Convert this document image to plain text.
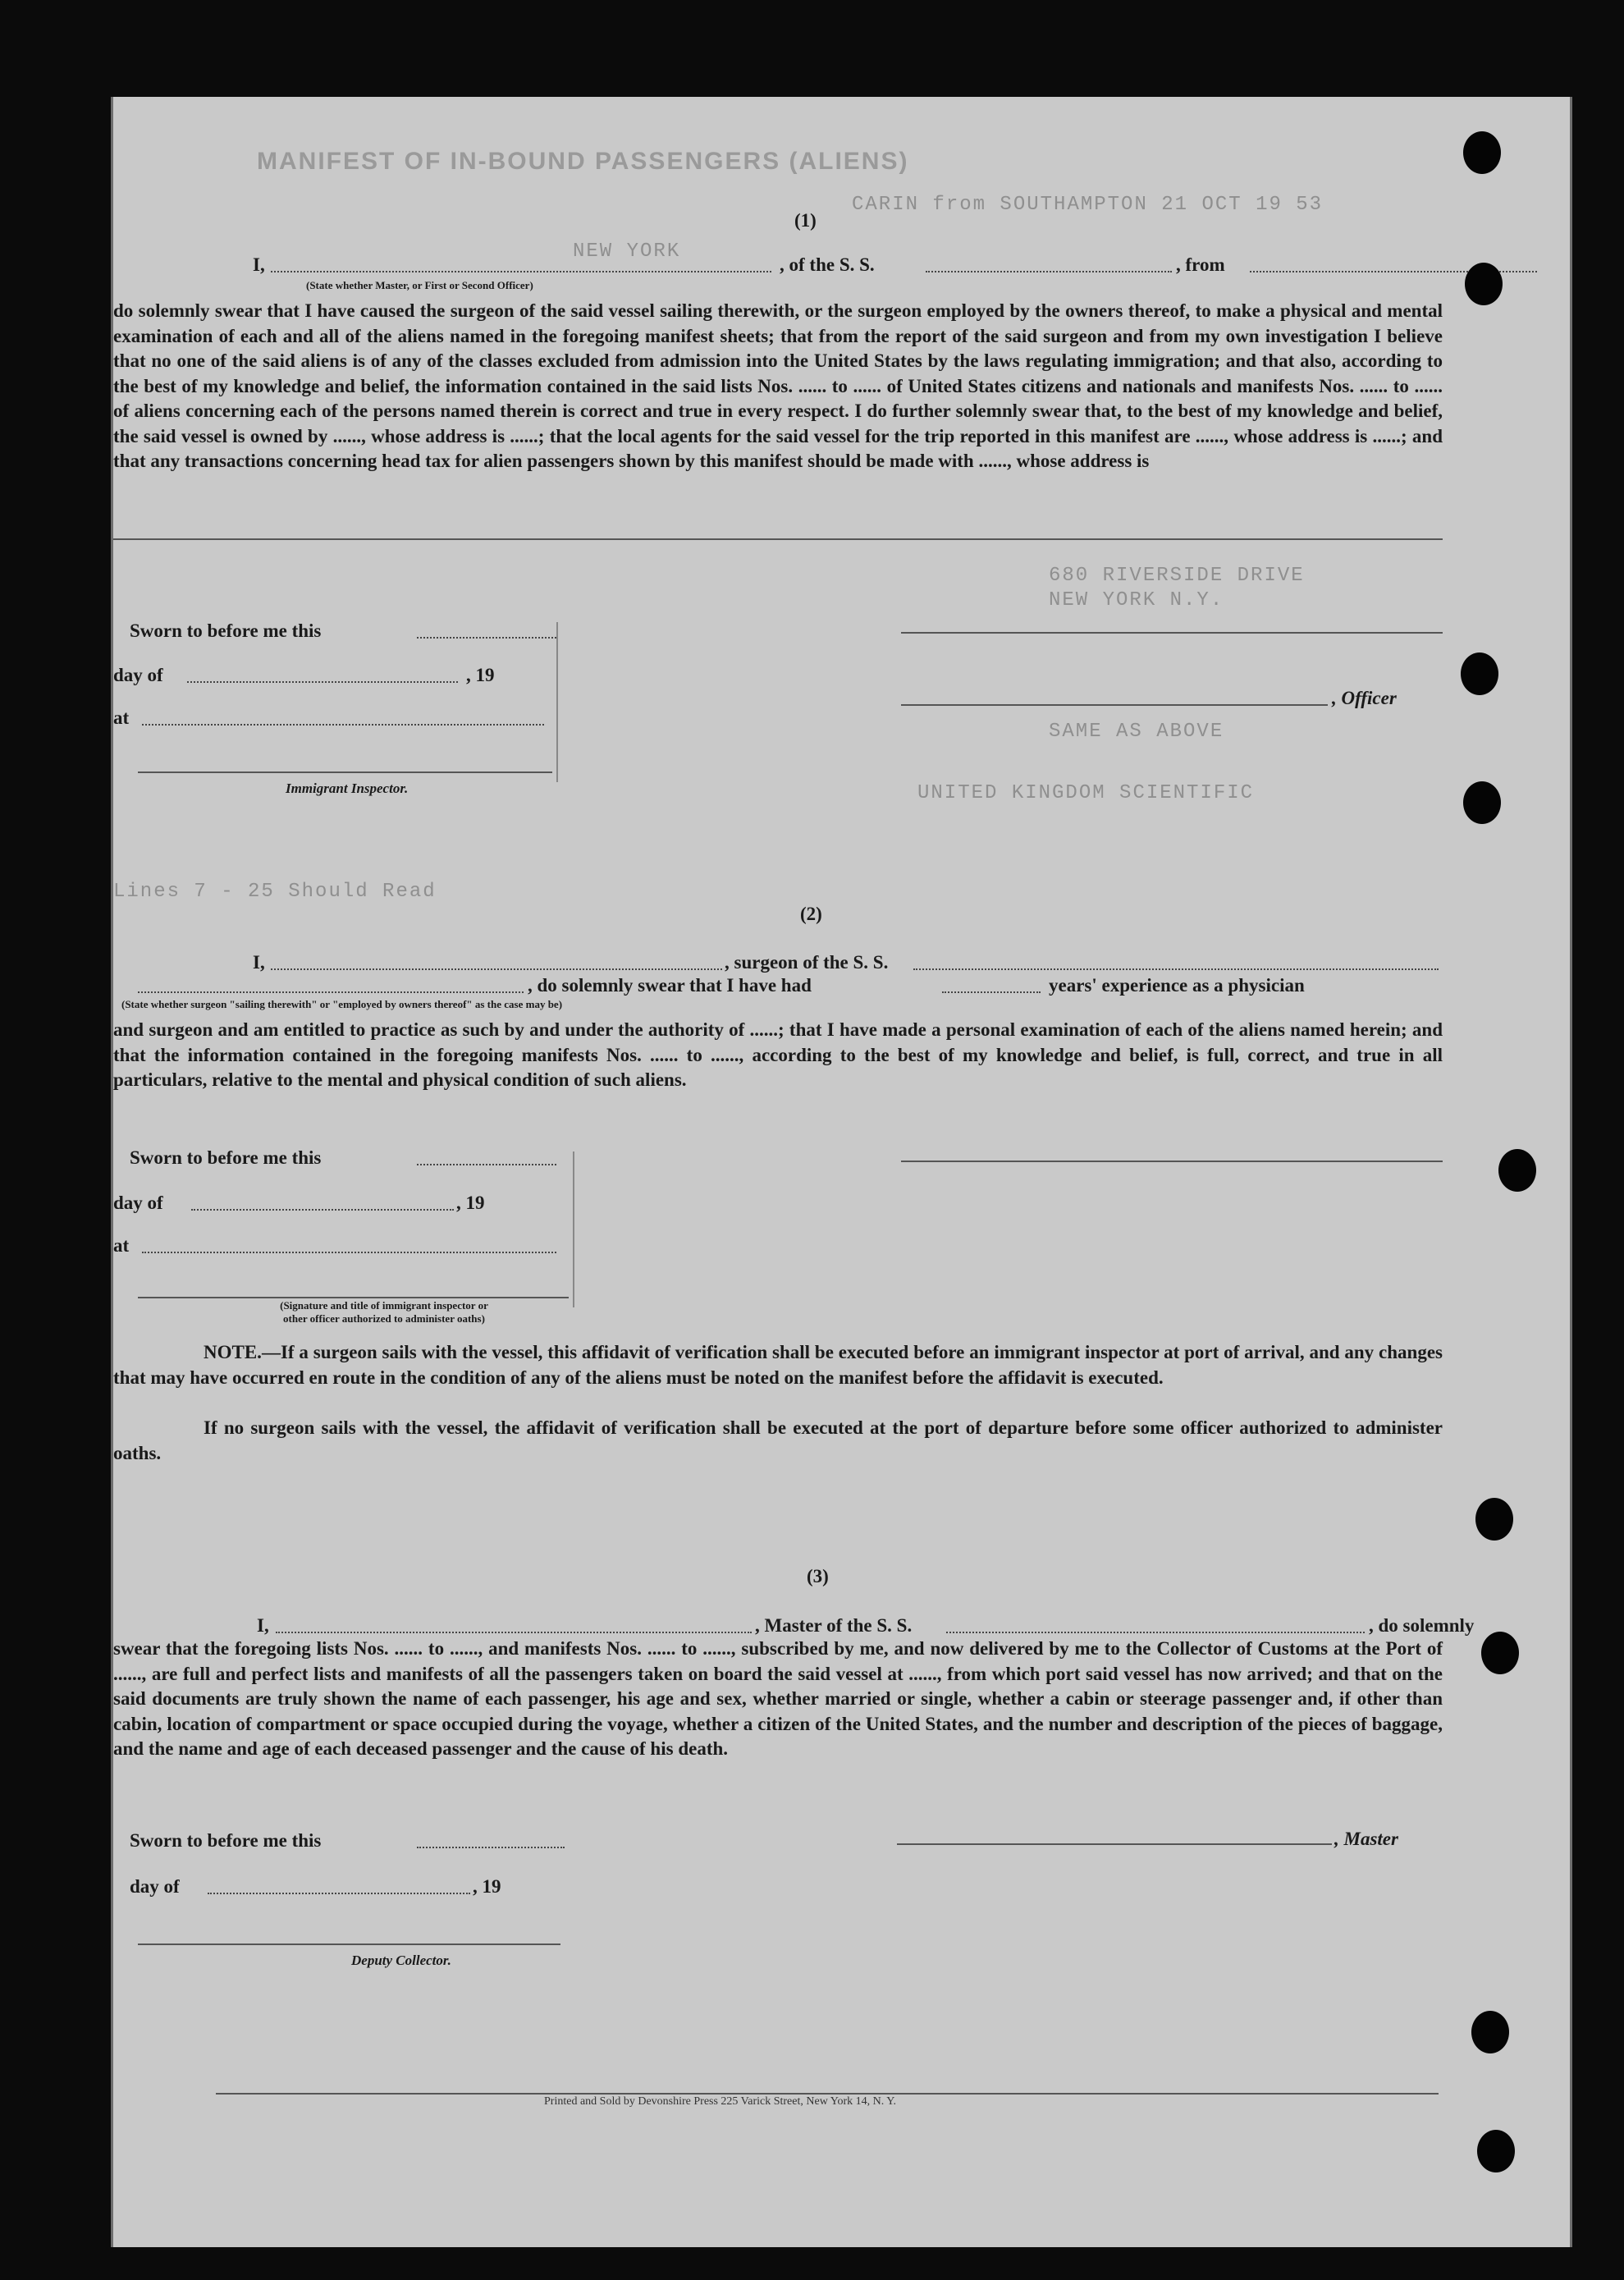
MANIFEST OF IN-BOUND PASSENGERS (ALIENS)
CARIN from SOUTHAMPTON 21 OCT 19 53
NEW YORK
680 RIVERSIDE DRIVE
NEW YORK N.Y.
SAME AS ABOVE
UNITED KINGDOM SCIENTIFIC
Lines 7 - 25 Should Read
(1)
I,	, of the S. S.	, from
(State whether Master, or First or Second Officer)
do solemnly swear that I have caused the surgeon of the said vessel sailing therewith, or the surgeon employed by the owners thereof, to make a physical and mental examination of each and all of the aliens named in the foregoing manifest sheets; that from the report of the said surgeon and from my own investigation I believe that no one of the said aliens is of any of the classes excluded from admission into the United States by the laws regulating immigration; and that also, according to the best of my knowledge and belief, the information contained in the said lists Nos. ...... to ...... of United States citizens and nationals and manifests Nos. ...... to ...... of aliens concerning each of the persons named therein is correct and true in every respect. I do further solemnly swear that, to the best of my knowledge and belief, the said vessel is owned by ......, whose address is ......; that the local agents for the said vessel for the trip reported in this manifest are ......, whose address is ......; and that any transactions concerning head tax for alien passengers shown by this manifest should be made with ......, whose address is
Sworn to before me this
day of	, 19
, Officer
at
Immigrant Inspector.
(2)
I,	, surgeon of the S. S.
, do solemnly swear that I have had	years' experience as a physician
(State whether surgeon "sailing therewith" or "employed by owners thereof" as the case may be)
and surgeon and am entitled to practice as such by and under the authority of ......; that I have made a personal examination of each of the aliens named herein; and that the information contained in the foregoing manifests Nos. ...... to ......, according to the best of my knowledge and belief, is full, correct, and true in all particulars, relative to the mental and physical condition of such aliens.
Sworn to before me this
day of	, 19
at
(Signature and title of immigrant inspector or other officer authorized to administer oaths)
NOTE.—If a surgeon sails with the vessel, this affidavit of verification shall be executed before an immigrant inspector at port of arrival, and any changes that may have occurred en route in the condition of any of the aliens must be noted on the manifest before the affidavit is executed.
If no surgeon sails with the vessel, the affidavit of verification shall be executed at the port of departure before some officer authorized to administer oaths.
(3)
I,	, Master of the S. S.	, do solemnly
swear that the foregoing lists Nos. ...... to ......, and manifests Nos. ...... to ......, subscribed by me, and now delivered by me to the Collector of Customs at the Port of ......, are full and perfect lists and manifests of all the passengers taken on board the said vessel at ......, from which port said vessel has now arrived; and that on the said documents are truly shown the name of each passenger, his age and sex, whether married or single, whether a cabin or steerage passenger and, if other than cabin, location of compartment or space occupied during the voyage, whether a citizen of the United States, and the number and description of the pieces of baggage, and the name and age of each deceased passenger and the cause of his death.
Sworn to before me this	, Master
day of	, 19
Deputy Collector.
Printed and Sold by Devonshire Press 225 Varick Street, New York 14, N. Y.
